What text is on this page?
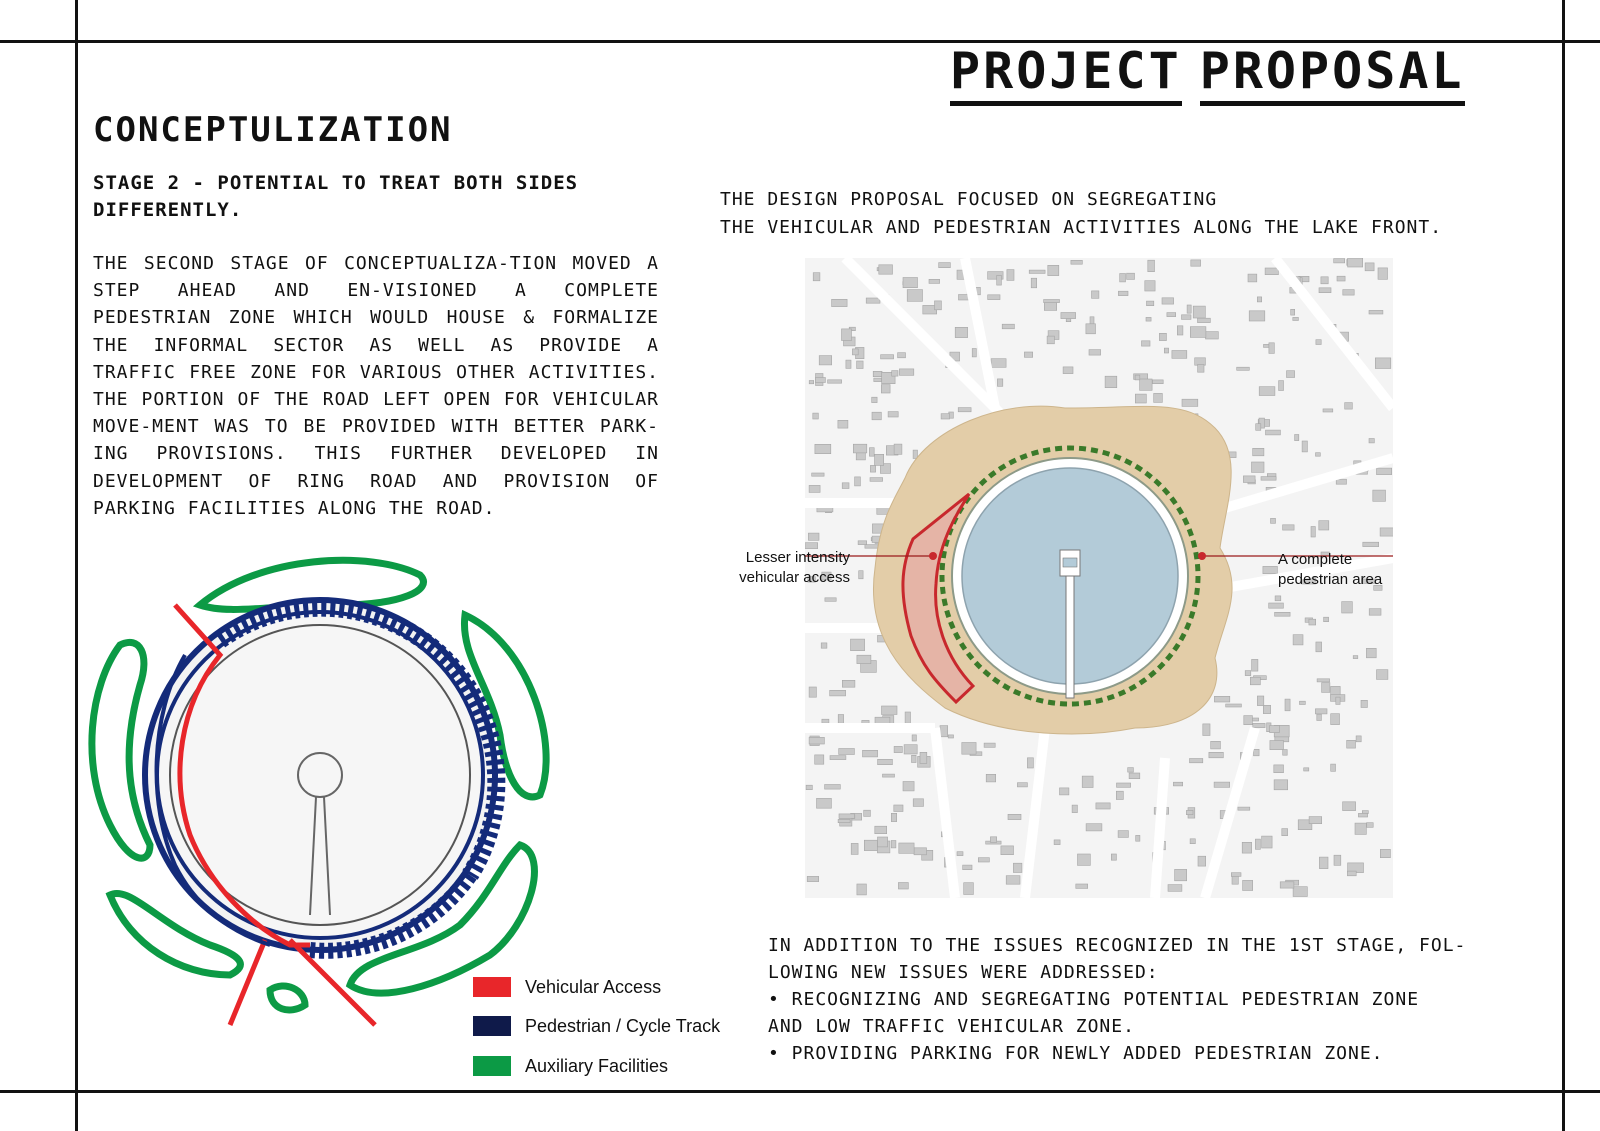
PROJECT PROPOSAL
CONCEPTULIZATION
STAGE 2 - POTENTIAL TO TREAT BOTH SIDES DIFFERENTLY.
THE SECOND STAGE OF CONCEPTUALIZA-TION MOVED A STEP AHEAD AND EN-VISIONED A COMPLETE PEDESTRIAN ZONE WHICH WOULD HOUSE & FORMALIZE THE INFORMAL SECTOR AS WELL AS PROVIDE A TRAFFIC FREE ZONE FOR VARIOUS OTHER ACTIVITIES. THE PORTION OF THE ROAD LEFT OPEN FOR VEHICULAR MOVE-MENT WAS TO BE PROVIDED WITH BETTER PARK-ING PROVISIONS. THIS FURTHER DEVELOPED IN DEVELOPMENT OF RING ROAD AND PROVISION OF PARKING FACILITIES ALONG THE ROAD.
THE DESIGN PROPOSAL FOCUSED ON SEGREGATING
THE VEHICULAR AND PEDESTRIAN ACTIVITIES ALONG THE LAKE FRONT.
Lesser intensity
vehicular access
A complete
pedestrian area
Vehicular Access
Pedestrian / Cycle Track
Auxiliary Facilities
IN ADDITION TO THE ISSUES RECOGNIZED IN THE 1ST STAGE, FOL-
LOWING NEW ISSUES WERE ADDRESSED:
• RECOGNIZING AND SEGREGATING POTENTIAL PEDESTRIAN ZONE
AND LOW TRAFFIC VEHICULAR ZONE.
• PROVIDING PARKING FOR NEWLY ADDED PEDESTRIAN ZONE.
